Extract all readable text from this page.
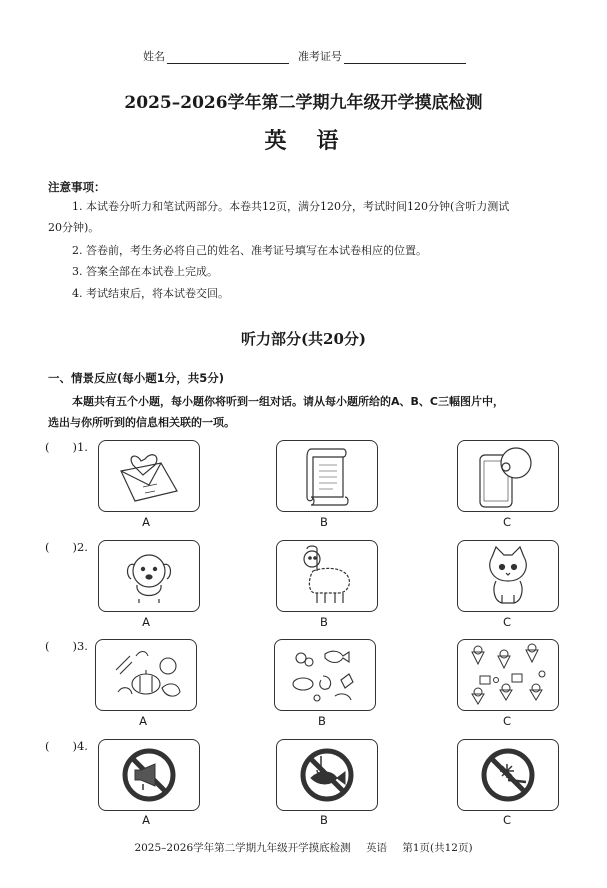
姓名	准考证号
2025–2026学年第二学期九年级开学摸底检测
英　语
注意事项：
1. 本试卷分听力和笔试两部分。本卷共12页，满分120分，考试时间120分钟(含听力测试
20分钟)。
2. 答卷前，考生务必将自己的姓名、准考证号填写在本试卷相应的位置。
3. 答案全部在本试卷上完成。
4. 考试结束后，将本试卷交回。
听力部分(共20分)
一、情景反应(每小题1分，共5分)
本题共有五个小题，每小题你将听到一组对话。请从每小题所给的A、B、C三幅图片中，
选出与你所听到的信息相关联的一项。
(　　)1.
A	B	C
(　　)2.
A	B	C
(　　)3.
A	B	C
(　　)4.
A	B	C
2025–2026学年第二学期九年级开学摸底检测 英语 第1页(共12页)
